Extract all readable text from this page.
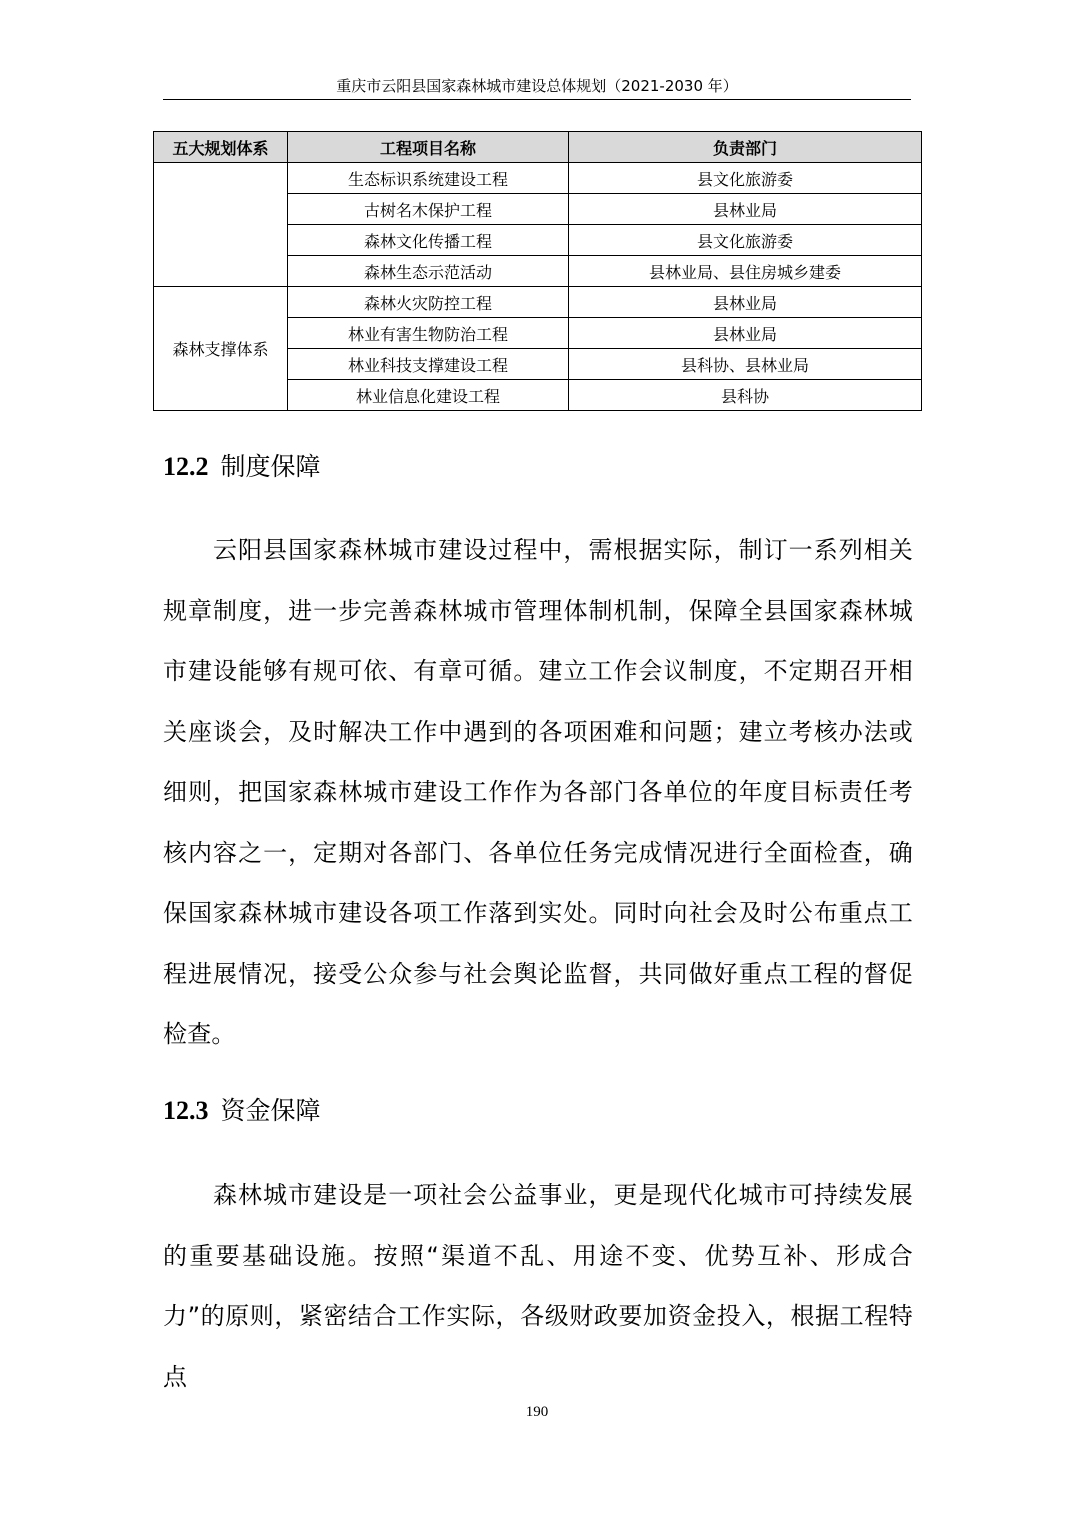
重庆市云阳县国家森林城市建设总体规划（2021-2030 年）
五大规划体系	工程项目名称	负责部门
	生态标识系统建设工程	县文化旅游委
	古树名木保护工程	县林业局
	森林文化传播工程	县文化旅游委
	森林生态示范活动	县林业局、县住房城乡建委
森林支撑体系	森林火灾防控工程	县林业局
	林业有害生物防治工程	县林业局
	林业科技支撑建设工程	县科协、县林业局
	林业信息化建设工程	县科协
12.2 制度保障
云阳县国家森林城市建设过程中，需根据实际，制订一系列相关规章制度，进一步完善森林城市管理体制机制，保障全县国家森林城市建设能够有规可依、有章可循。建立工作会议制度，不定期召开相关座谈会，及时解决工作中遇到的各项困难和问题；建立考核办法或细则，把国家森林城市建设工作作为各部门各单位的年度目标责任考核内容之一，定期对各部门、各单位任务完成情况进行全面检查，确保国家森林城市建设各项工作落到实处。同时向社会及时公布重点工程进展情况，接受公众参与社会舆论监督，共同做好重点工程的督促检查。
12.3 资金保障
森林城市建设是一项社会公益事业，更是现代化城市可持续发展的重要基础设施。按照“渠道不乱、用途不变、优势互补、形成合力”的原则，紧密结合工作实际，各级财政要加资金投入，根据工程特点
190
